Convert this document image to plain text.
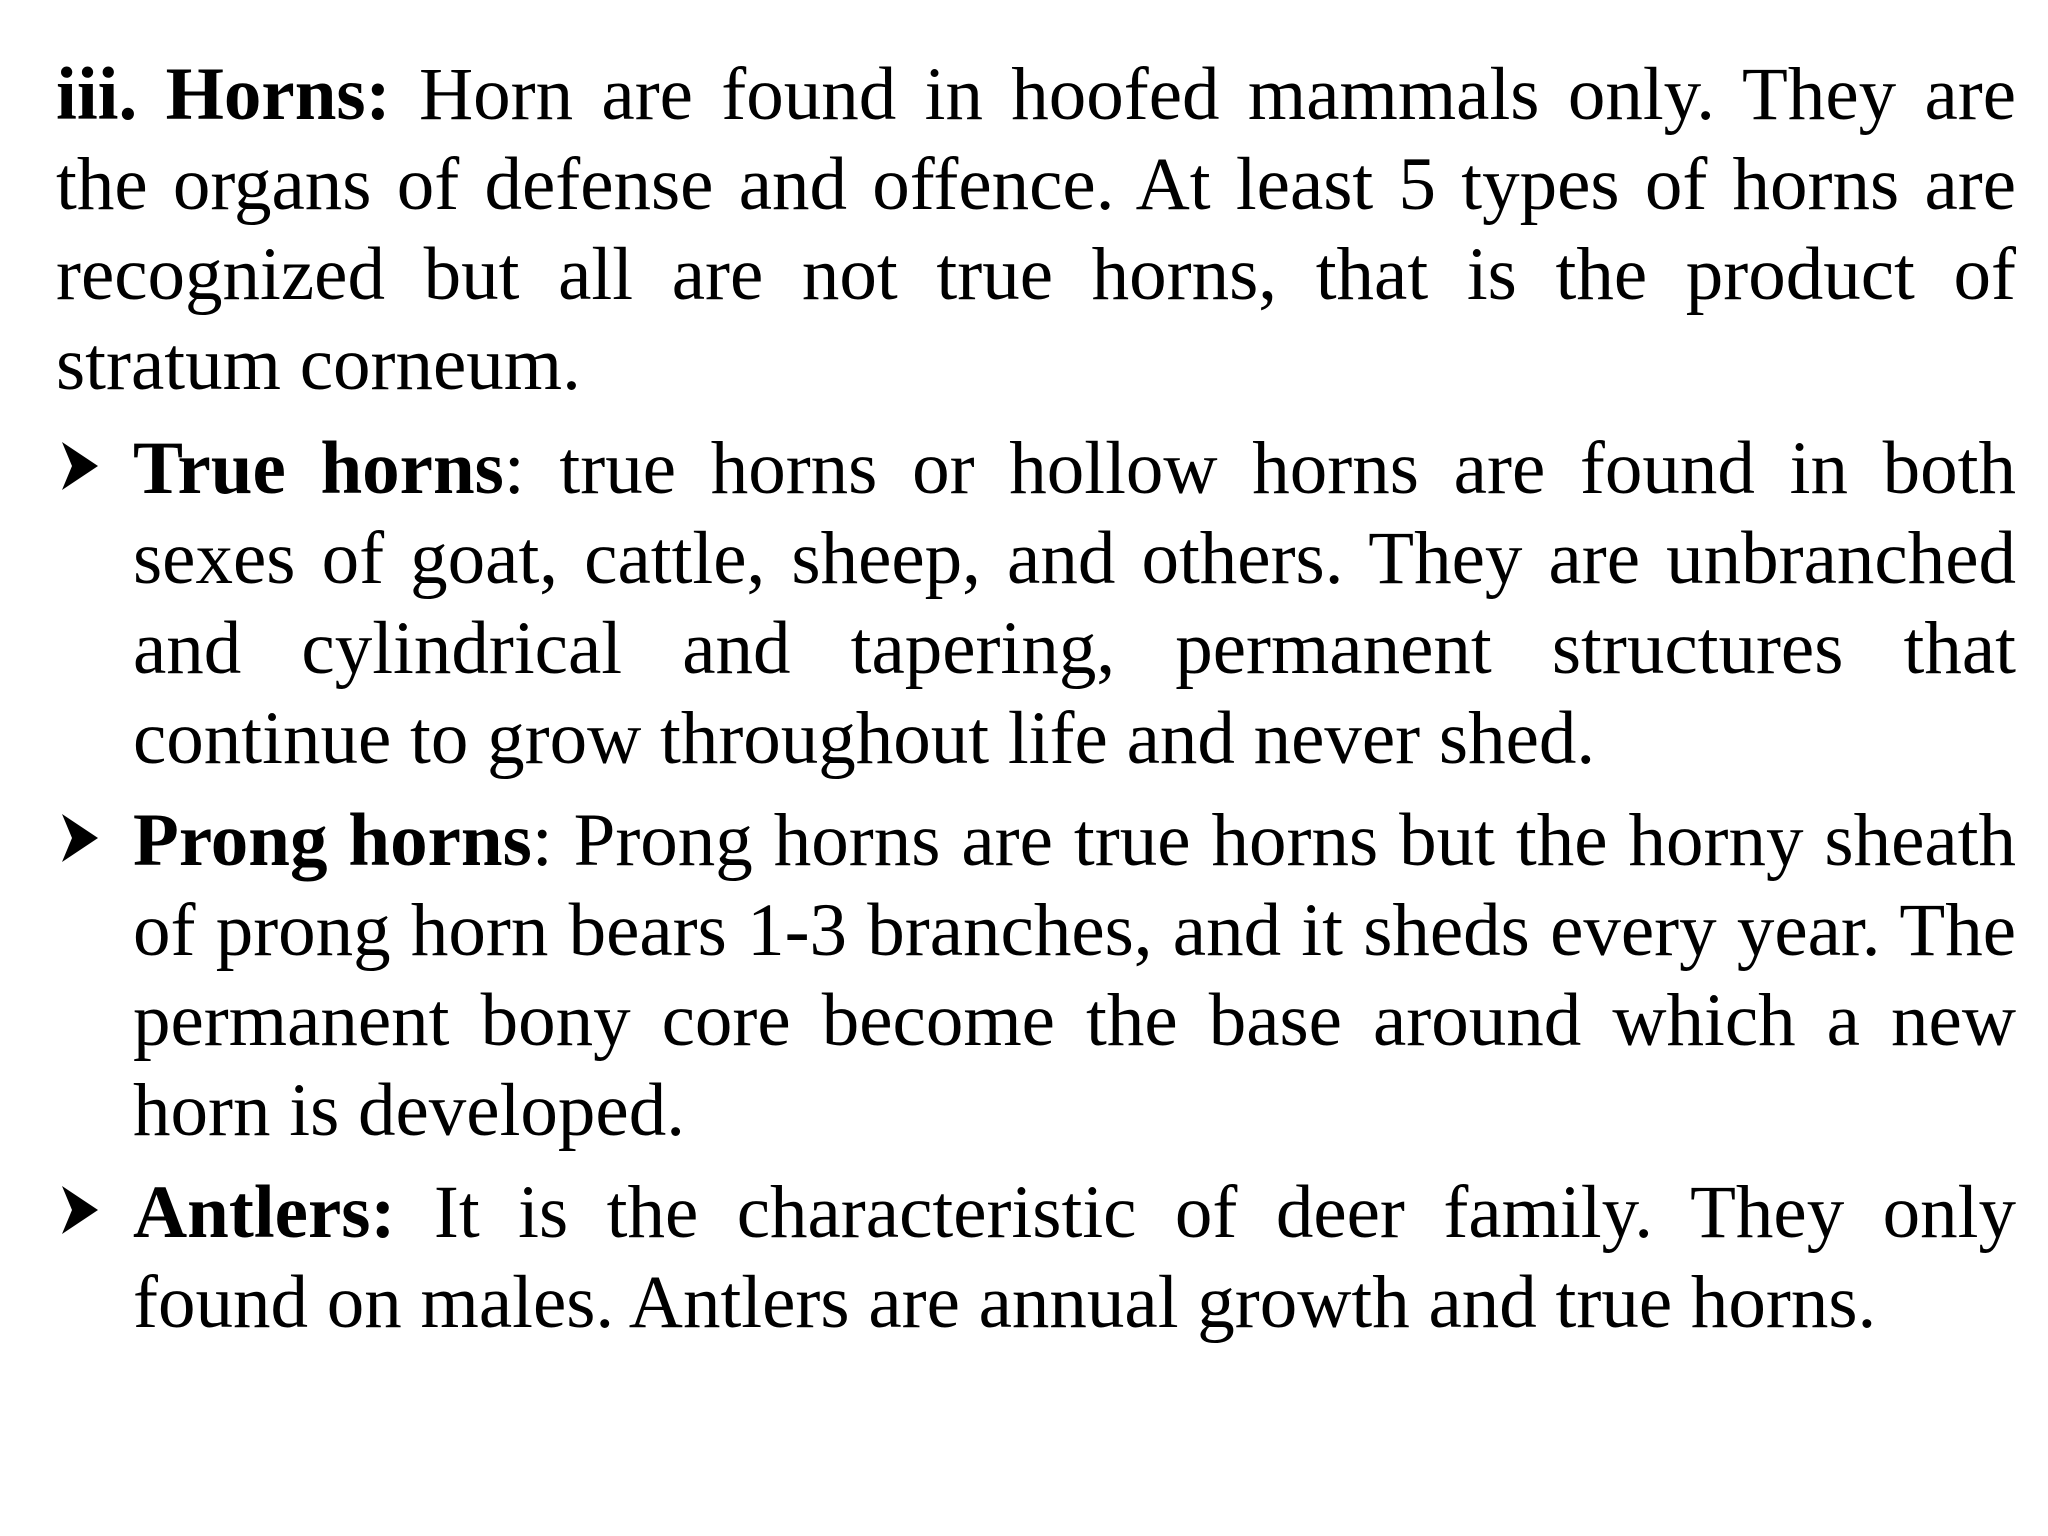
iii. Horns: Horn are found in hoofed mammals only. They are the organs of defense and offence. At least 5 types of horns are recognized but all are not true horns, that is the product of stratum corneum.

True horns: true horns or hollow horns are found in both sexes of goat, cattle, sheep, and others. They are unbranched and cylindrical and tapering, permanent structures that continue to grow throughout life and never shed.
Prong horns: Prong horns are true horns but the horny sheath of prong horn bears 1-3 branches, and it sheds every year. The permanent bony core become the base around which a new horn is developed.
Antlers: It is the characteristic of deer family. They only found on males. Antlers are annual growth and true horns.
